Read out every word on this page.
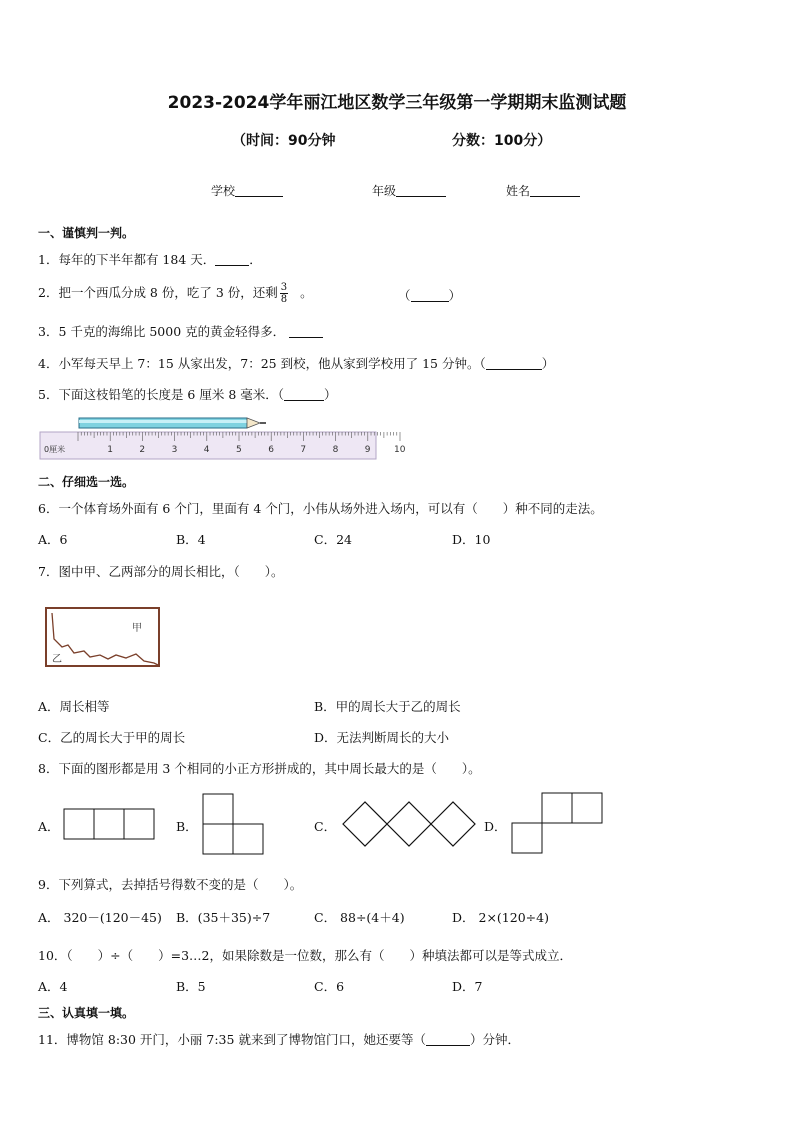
2023-2024学年丽江地区数学三年级第一学期期末监测试题
（时间：90分钟	分数：100分）
学校	年级	姓名
一、谨慎判一判。
1．每年的下半年都有 184 天．	．
2．把一个西瓜分成 8 份，吃了 3 份，还剩 $\frac{3}{8}$ 。	（	）
3．5 千克的海绵比 5000 克的黄金轻得多．
4．小军每天早上 7：15 从家出发，7：25 到校，他从家到学校用了 15 分钟。（	）
5．下面这枝铅笔的长度是 6 厘米 8 毫米．（	）
1	2	3	4	5	6	7	8	9	10
0厘米
二、仔细选一选。
6．一个体育场外面有 6 个门，里面有 4 个门，小伟从场外进入场内，可以有（　　）种不同的走法。
A．6	B．4	C．24	D．10
7．图中甲、乙两部分的周长相比，（　　）。
甲
乙
A．周长相等	B．甲的周长大于乙的周长
C．乙的周长大于甲的周长	D．无法判断周长的大小
8．下面的图形都是用 3 个相同的小正方形拼成的，其中周长最大的是（　　）。
A．	B．	C．	D．
9．下列算式，去掉括号得数不变的是（　　）。
A． 320－(120－45) B．(35＋35)÷7	C． 88÷(4＋4)	D． 2×(120÷4)
10．（　　）÷（　　）=3…2，如果除数是一位数，那么有（　　）种填法都可以是等式成立．
A．4	B．5	C．6	D．7
三、认真填一填。
11．博物馆 8:30 开门，小丽 7:35 就来到了博物馆门口，她还要等（	）分钟．
